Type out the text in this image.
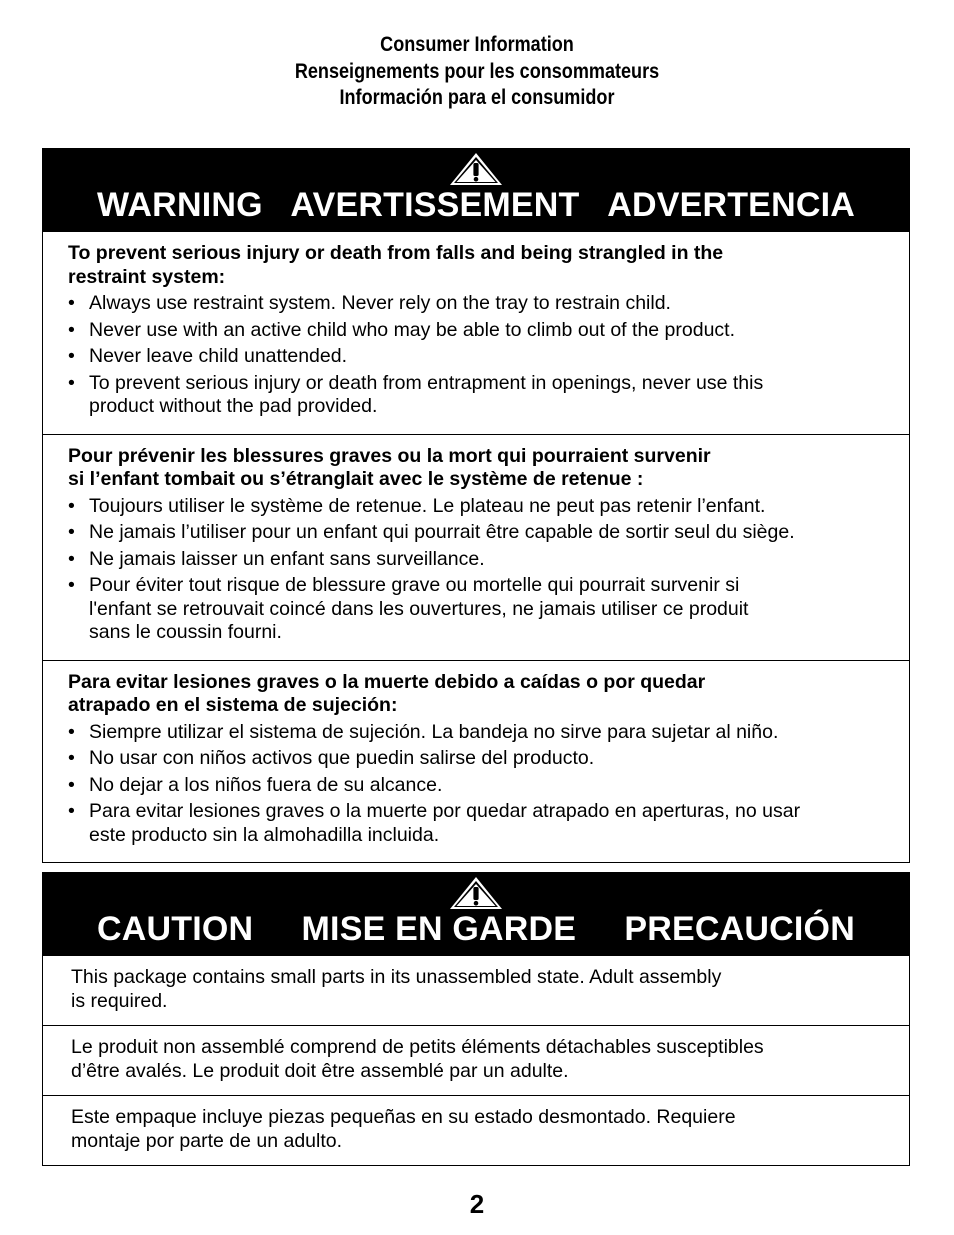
Consumer Information
Renseignements pour les consommateurs
Información para el consumidor
WARNING   AVERTISSEMENT   ADVERTENCIA
To prevent serious injury or death from falls and being strangled in the
restraint system:
• Always use restraint system. Never rely on the tray to restrain child.
• Never use with an active child who may be able to climb out of the product.
• Never leave child unattended.
• To prevent serious injury or death from entrapment in openings, never use this
product without the pad provided.
Pour prévenir les blessures graves ou la mort qui pourraient survenir
si l’enfant tombait ou s’étranglait avec le système de retenue :
• Toujours utiliser le système de retenue. Le plateau ne peut pas retenir l’enfant.
• Ne jamais l’utiliser pour un enfant qui pourrait être capable de sortir seul du siège.
• Ne jamais laisser un enfant sans surveillance.
• Pour éviter tout risque de blessure grave ou mortelle qui pourrait survenir si
l'enfant se retrouvait coincé dans les ouvertures, ne jamais utiliser ce produit
sans le coussin fourni.
Para evitar lesiones graves o la muerte debido a caídas o por quedar
atrapado en el sistema de sujeción:
• Siempre utilizar el sistema de sujeción. La bandeja no sirve para sujetar al niño.
• No usar con niños activos que puedin salirse del producto.
• No dejar a los niños fuera de su alcance.
• Para evitar lesiones graves o la muerte por quedar atrapado en aperturas, no usar
este producto sin la almohadilla incluida.
CAUTION     MISE EN GARDE     PRECAUCIÓN

This package contains small parts in its unassembled state. Adult assembly
is required.

Le produit non assemblé comprend de petits éléments détachables susceptibles
d’être avalés. Le produit doit être assemblé par un adulte.

Este empaque incluye piezas pequeñas en su estado desmontado. Requiere
montaje por parte de un adulto.

2
